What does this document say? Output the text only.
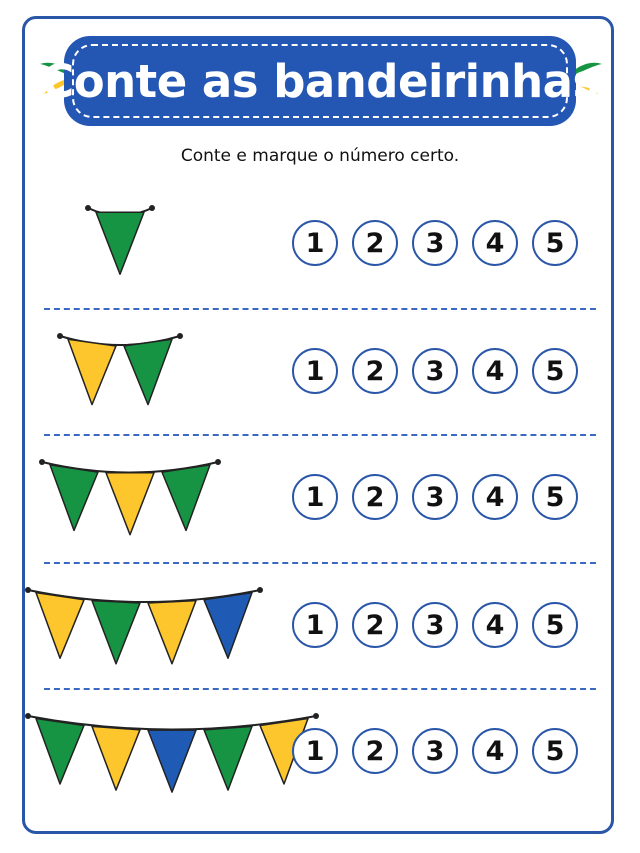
Conte as bandeirinhas
Conte e marque o número certo.
1	2	3	4	5
1	2	3	4	5
1	2	3	4	5
1	2	3	4	5
1	2	3	4	5
